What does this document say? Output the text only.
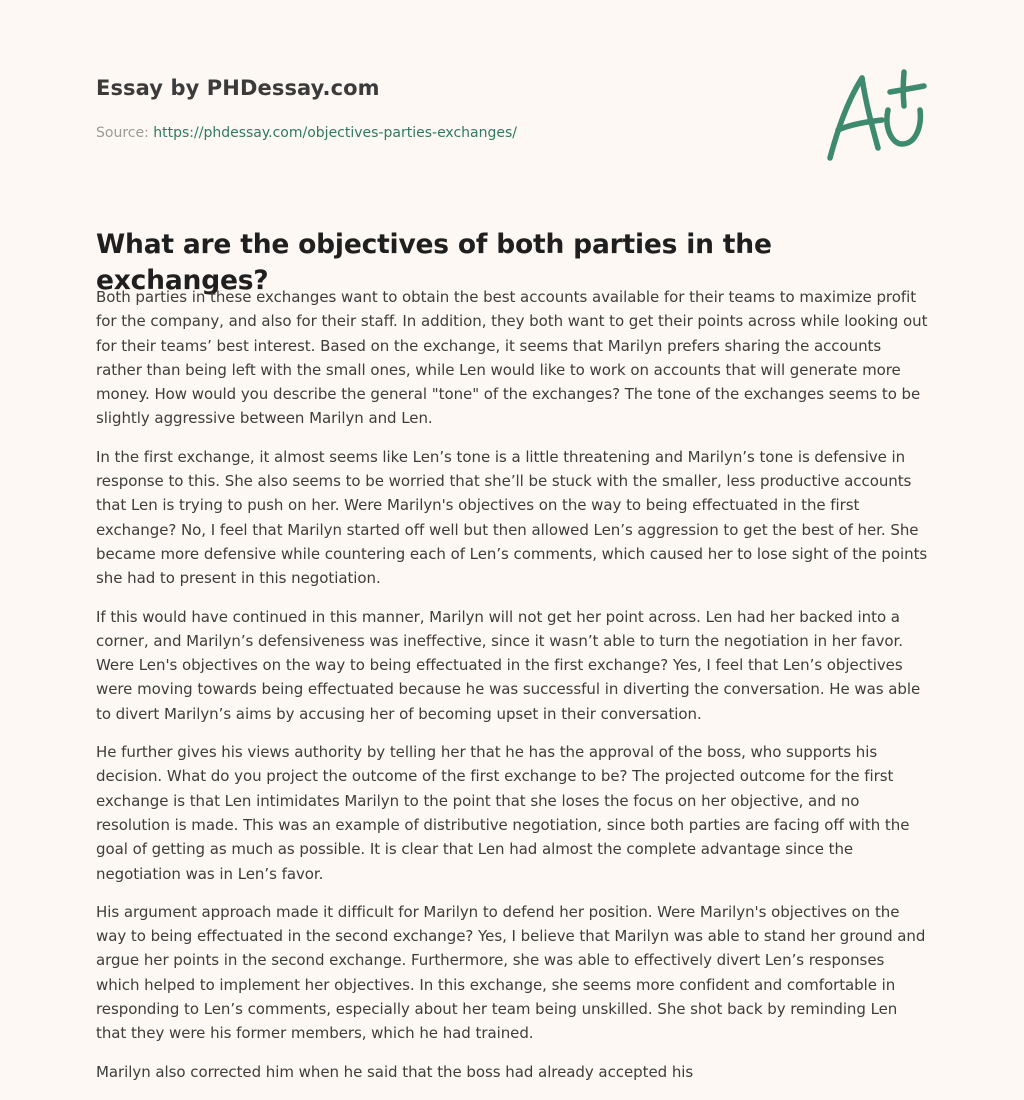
Essay by PHDessay.com
Source: https://phdessay.com/objectives-parties-exchanges/
What are the objectives of both parties in the exchanges?

Both parties in these exchanges want to obtain the best accounts available for their teams to maximize profit for the company, and also for their staff. In addition, they both want to get their points across while looking out for their teams’ best interest. Based on the exchange, it seems that Marilyn prefers sharing the accounts rather than being left with the small ones, while Len would like to work on accounts that will generate more money. How would you describe the general "tone" of the exchanges? The tone of the exchanges seems to be slightly aggressive between Marilyn and Len.

In the first exchange, it almost seems like Len’s tone is a little threatening and Marilyn’s tone is defensive in response to this. She also seems to be worried that she’ll be stuck with the smaller, less productive accounts that Len is trying to push on her. Were Marilyn's objectives on the way to being effectuated in the first exchange? No, I feel that Marilyn started off well but then allowed Len’s aggression to get the best of her. She became more defensive while countering each of Len’s comments, which caused her to lose sight of the points she had to present in this negotiation.

If this would have continued in this manner, Marilyn will not get her point across. Len had her backed into a corner, and Marilyn’s defensiveness was ineffective, since it wasn’t able to turn the negotiation in her favor. Were Len's objectives on the way to being effectuated in the first exchange? Yes, I feel that Len’s objectives were moving towards being effectuated because he was successful in diverting the conversation. He was able to divert Marilyn’s aims by accusing her of becoming upset in their conversation.

He further gives his views authority by telling her that he has the approval of the boss, who supports his decision. What do you project the outcome of the first exchange to be? The projected outcome for the first exchange is that Len intimidates Marilyn to the point that she loses the focus on her objective, and no resolution is made. This was an example of distributive negotiation, since both parties are facing off with the goal of getting as much as possible. It is clear that Len had almost the complete advantage since the negotiation was in Len’s favor.

His argument approach made it difficult for Marilyn to defend her position. Were Marilyn's objectives on the way to being effectuated in the second exchange? Yes, I believe that Marilyn was able to stand her ground and argue her points in the second exchange. Furthermore, she was able to effectively divert Len’s responses which helped to implement her objectives. In this exchange, she seems more confident and comfortable in responding to Len’s comments, especially about her team being unskilled. She shot back by reminding Len that they were his former members, which he had trained.

Marilyn also corrected him when he said that the boss had already accepted his
